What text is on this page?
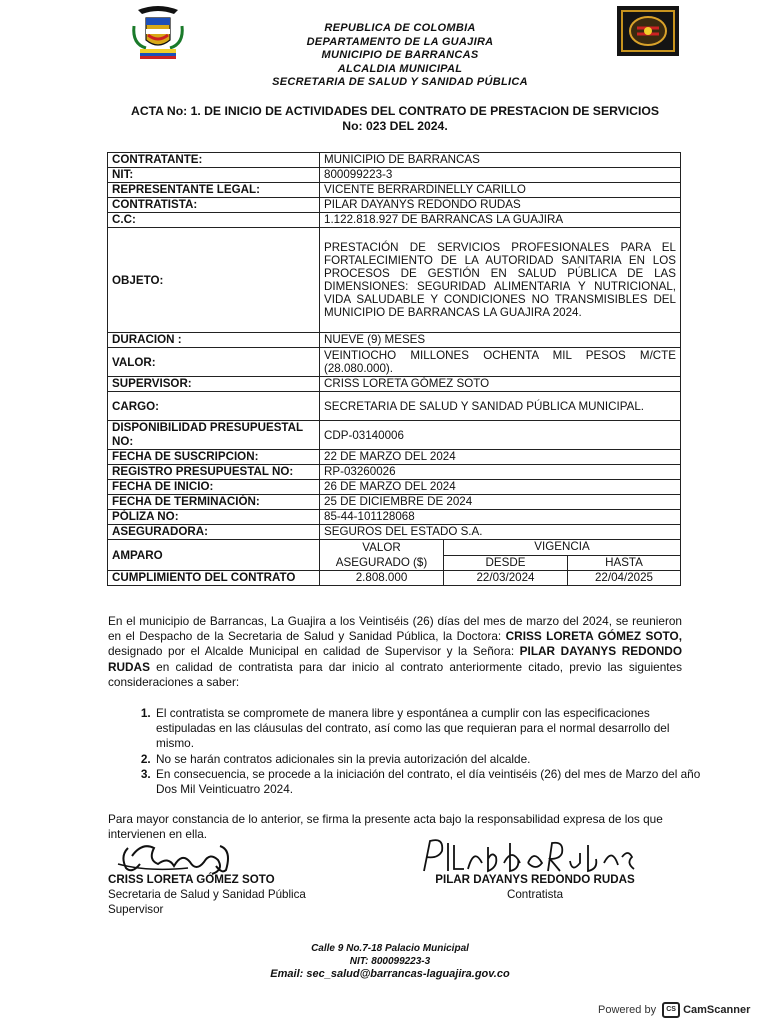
REPUBLICA DE COLOMBIA
DEPARTAMENTO DE LA GUAJIRA
MUNICIPIO DE BARRANCAS
ALCALDIA MUNICIPAL
SECRETARIA DE SALUD Y SANIDAD PÚBLICA
ACTA No: 1. DE INICIO DE ACTIVIDADES DEL CONTRATO DE PRESTACION DE SERVICIOS
No: 023 DEL 2024.
CONTRATANTE:	MUNICIPIO DE BARRANCAS		
NIT:	800099223-3		
REPRESENTANTE LEGAL:	VICENTE BERRARDINELLY CARILLO		
CONTRATISTA:	PILAR DAYANYS REDONDO RUDAS		
C.C:	1.122.818.927 DE BARRANCAS LA GUAJIRA		
OBJETO:	PRESTACIÓN DE SERVICIOS PROFESIONALES PARA EL FORTALECIMIENTO DE LA AUTORIDAD SANITARIA EN LOS PROCESOS DE GESTIÓN EN SALUD PÚBLICA DE LAS DIMENSIONES: SEGURIDAD ALIMENTARIA Y NUTRICIONAL, VIDA SALUDABLE Y CONDICIONES NO TRANSMISIBLES DEL MUNICIPIO DE BARRANCAS LA GUAJIRA 2024.		
DURACION :	NUEVE (9) MESES		
VALOR:	VEINTIOCHO MILLONES OCHENTA MIL PESOS M/CTE (28.080.000).		
SUPERVISOR:	CRISS LORETA GÓMEZ SOTO		
CARGO:	SECRETARIA DE SALUD Y SANIDAD PÚBLICA MUNICIPAL.		
DISPONIBILIDAD PRESUPUESTAL NO:	CDP-03140006		
FECHA DE SUSCRIPCION:	22 DE MARZO DEL 2024		
REGISTRO PRESUPUESTAL NO:	RP-03260026		
FECHA DE INICIO:	26 DE MARZO DEL 2024		
FECHA DE TERMINACIÓN:	25 DE DICIEMBRE DE 2024		
PÓLIZA NO:	85-44-101128068		
ASEGURADORA:	SEGUROS DEL ESTADO S.A.		
AMPARO	VALOR ASEGURADO ($)	VIGENCIA	
		DESDE	HASTA
CUMPLIMIENTO DEL CONTRATO	2.808.000	22/03/2024	22/04/2025
En el municipio de Barrancas, La Guajira a los Veintiséis (26) días del mes de marzo del 2024, se reunieron en el Despacho de la Secretaria de Salud y Sanidad Pública, la Doctora: CRISS LORETA GÓMEZ SOTO, designado por el Alcalde Municipal en calidad de Supervisor y la Señora: PILAR DAYANYS REDONDO RUDAS en calidad de contratista para dar inicio al contrato anteriormente citado, previo las siguientes consideraciones a saber:
1. El contratista se compromete de manera libre y espontánea a cumplir con las especificaciones estipuladas en las cláusulas del contrato, así como las que requieran para el normal desarrollo del mismo.
2. No se harán contratos adicionales sin la previa autorización del alcalde.
3. En consecuencia, se procede a la iniciación del contrato, el día veintiséis (26) del mes de Marzo del año Dos Mil Veinticuatro 2024.
Para mayor constancia de lo anterior, se firma la presente acta bajo la responsabilidad expresa de los que intervienen en ella.	Pilar Redondo Rudas
CRISS LORETA GÓMEZ SOTO
Secretaria de Salud y Sanidad Pública
Supervisor
PILAR DAYANYS REDONDO RUDAS
Contratista
Calle 9 No.7-18 Palacio Municipal
NIT: 800099223-3
Email: sec_salud@barrancas-laguajira.gov.co
Powered by	CS CamScanner
